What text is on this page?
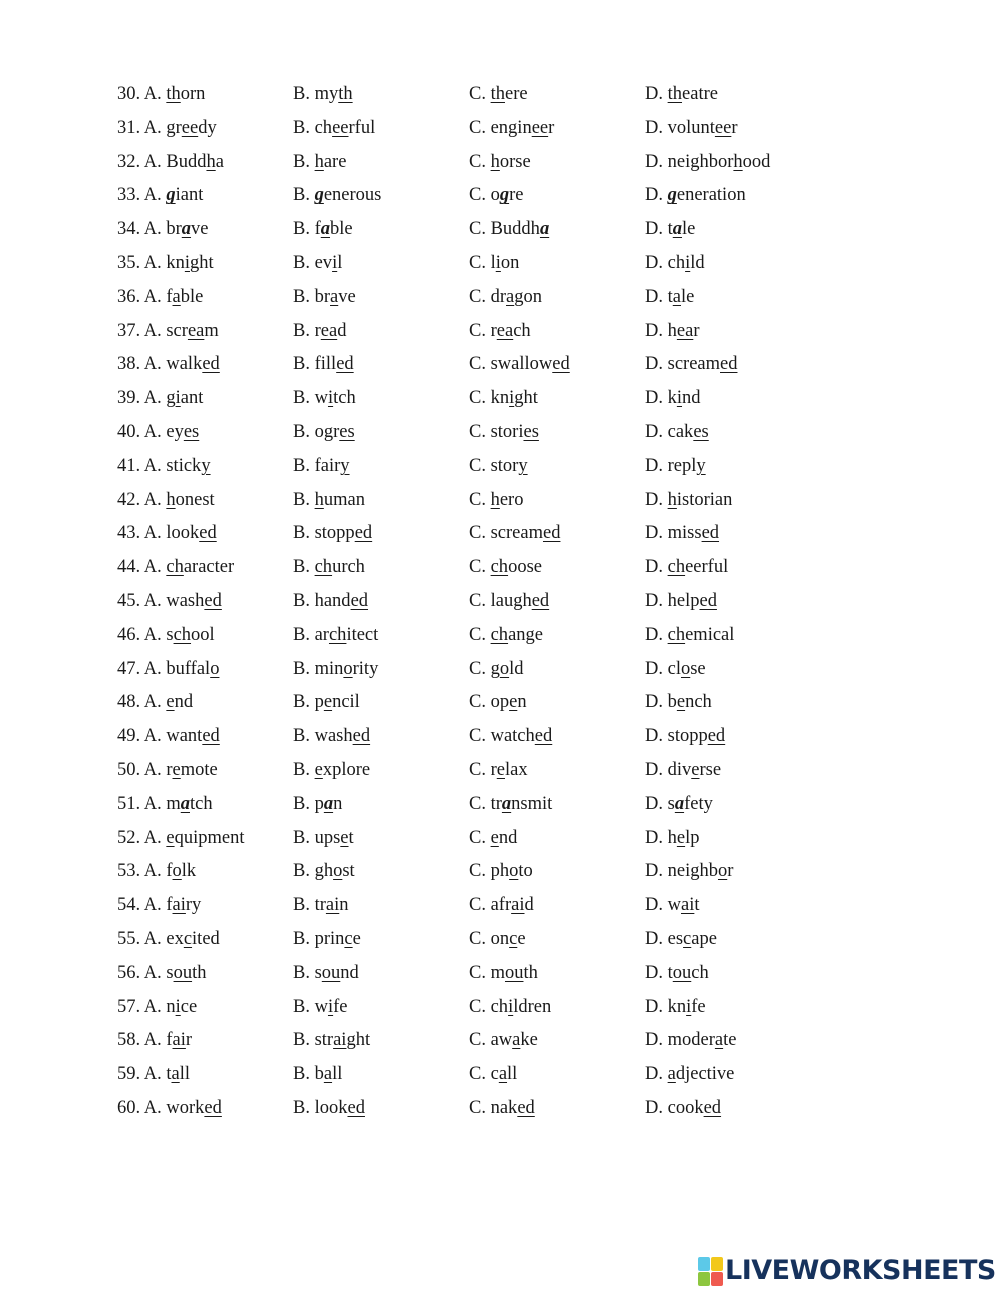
30. A. thorn	B. myth	C. there	D. theatre
31. A. greedy	B. cheerful	C. engineer	D. volunteer
32. A. Buddha	B. hare	C. horse	D. neighborhood
33. A. giant	B. generous	C. ogre	D. generation
34. A. brave	B. fable	C. Buddha	D. tale
35. A. knight	B. evil	C. lion	D. child
36. A. fable	B. brave	C. dragon	D. tale
37. A. scream	B. read	C. reach	D. hear
38. A. walked	B. filled	C. swallowed	D. screamed
39. A. giant	B. witch	C. knight	D. kind
40. A. eyes	B. ogres	C. stories	D. cakes
41. A. sticky	B. fairy	C. story	D. reply
42. A. honest	B. human	C. hero	D. historian
43. A. looked	B. stopped	C. screamed	D. missed
44. A. character	B. church	C. choose	D. cheerful
45. A. washed	B. handed	C. laughed	D. helped
46. A. school	B. architect	C. change	D. chemical
47. A. buffalo	B. minority	C. gold	D. close
48. A. end	B. pencil	C. open	D. bench
49. A. wanted	B. washed	C. watched	D. stopped
50. A. remote	B. explore	C. relax	D. diverse
51. A. match	B. pan	C. transmit	D. safety
52. A. equipment	B. upset	C. end	D. help
53. A. folk	B. ghost	C. photo	D. neighbor
54. A. fairy	B. train	C. afraid	D. wait
55. A. excited	B. prince	C. once	D. escape
56. A. south	B. sound	C. mouth	D. touch
57. A. nice	B. wife	C. children	D. knife
58. A. fair	B. straight	C. awake	D. moderate
59. A. tall	B. ball	C. call	D. adjective
60. A. worked	B. looked	C. naked	D. cooked
LIVEWORKSHEETS
